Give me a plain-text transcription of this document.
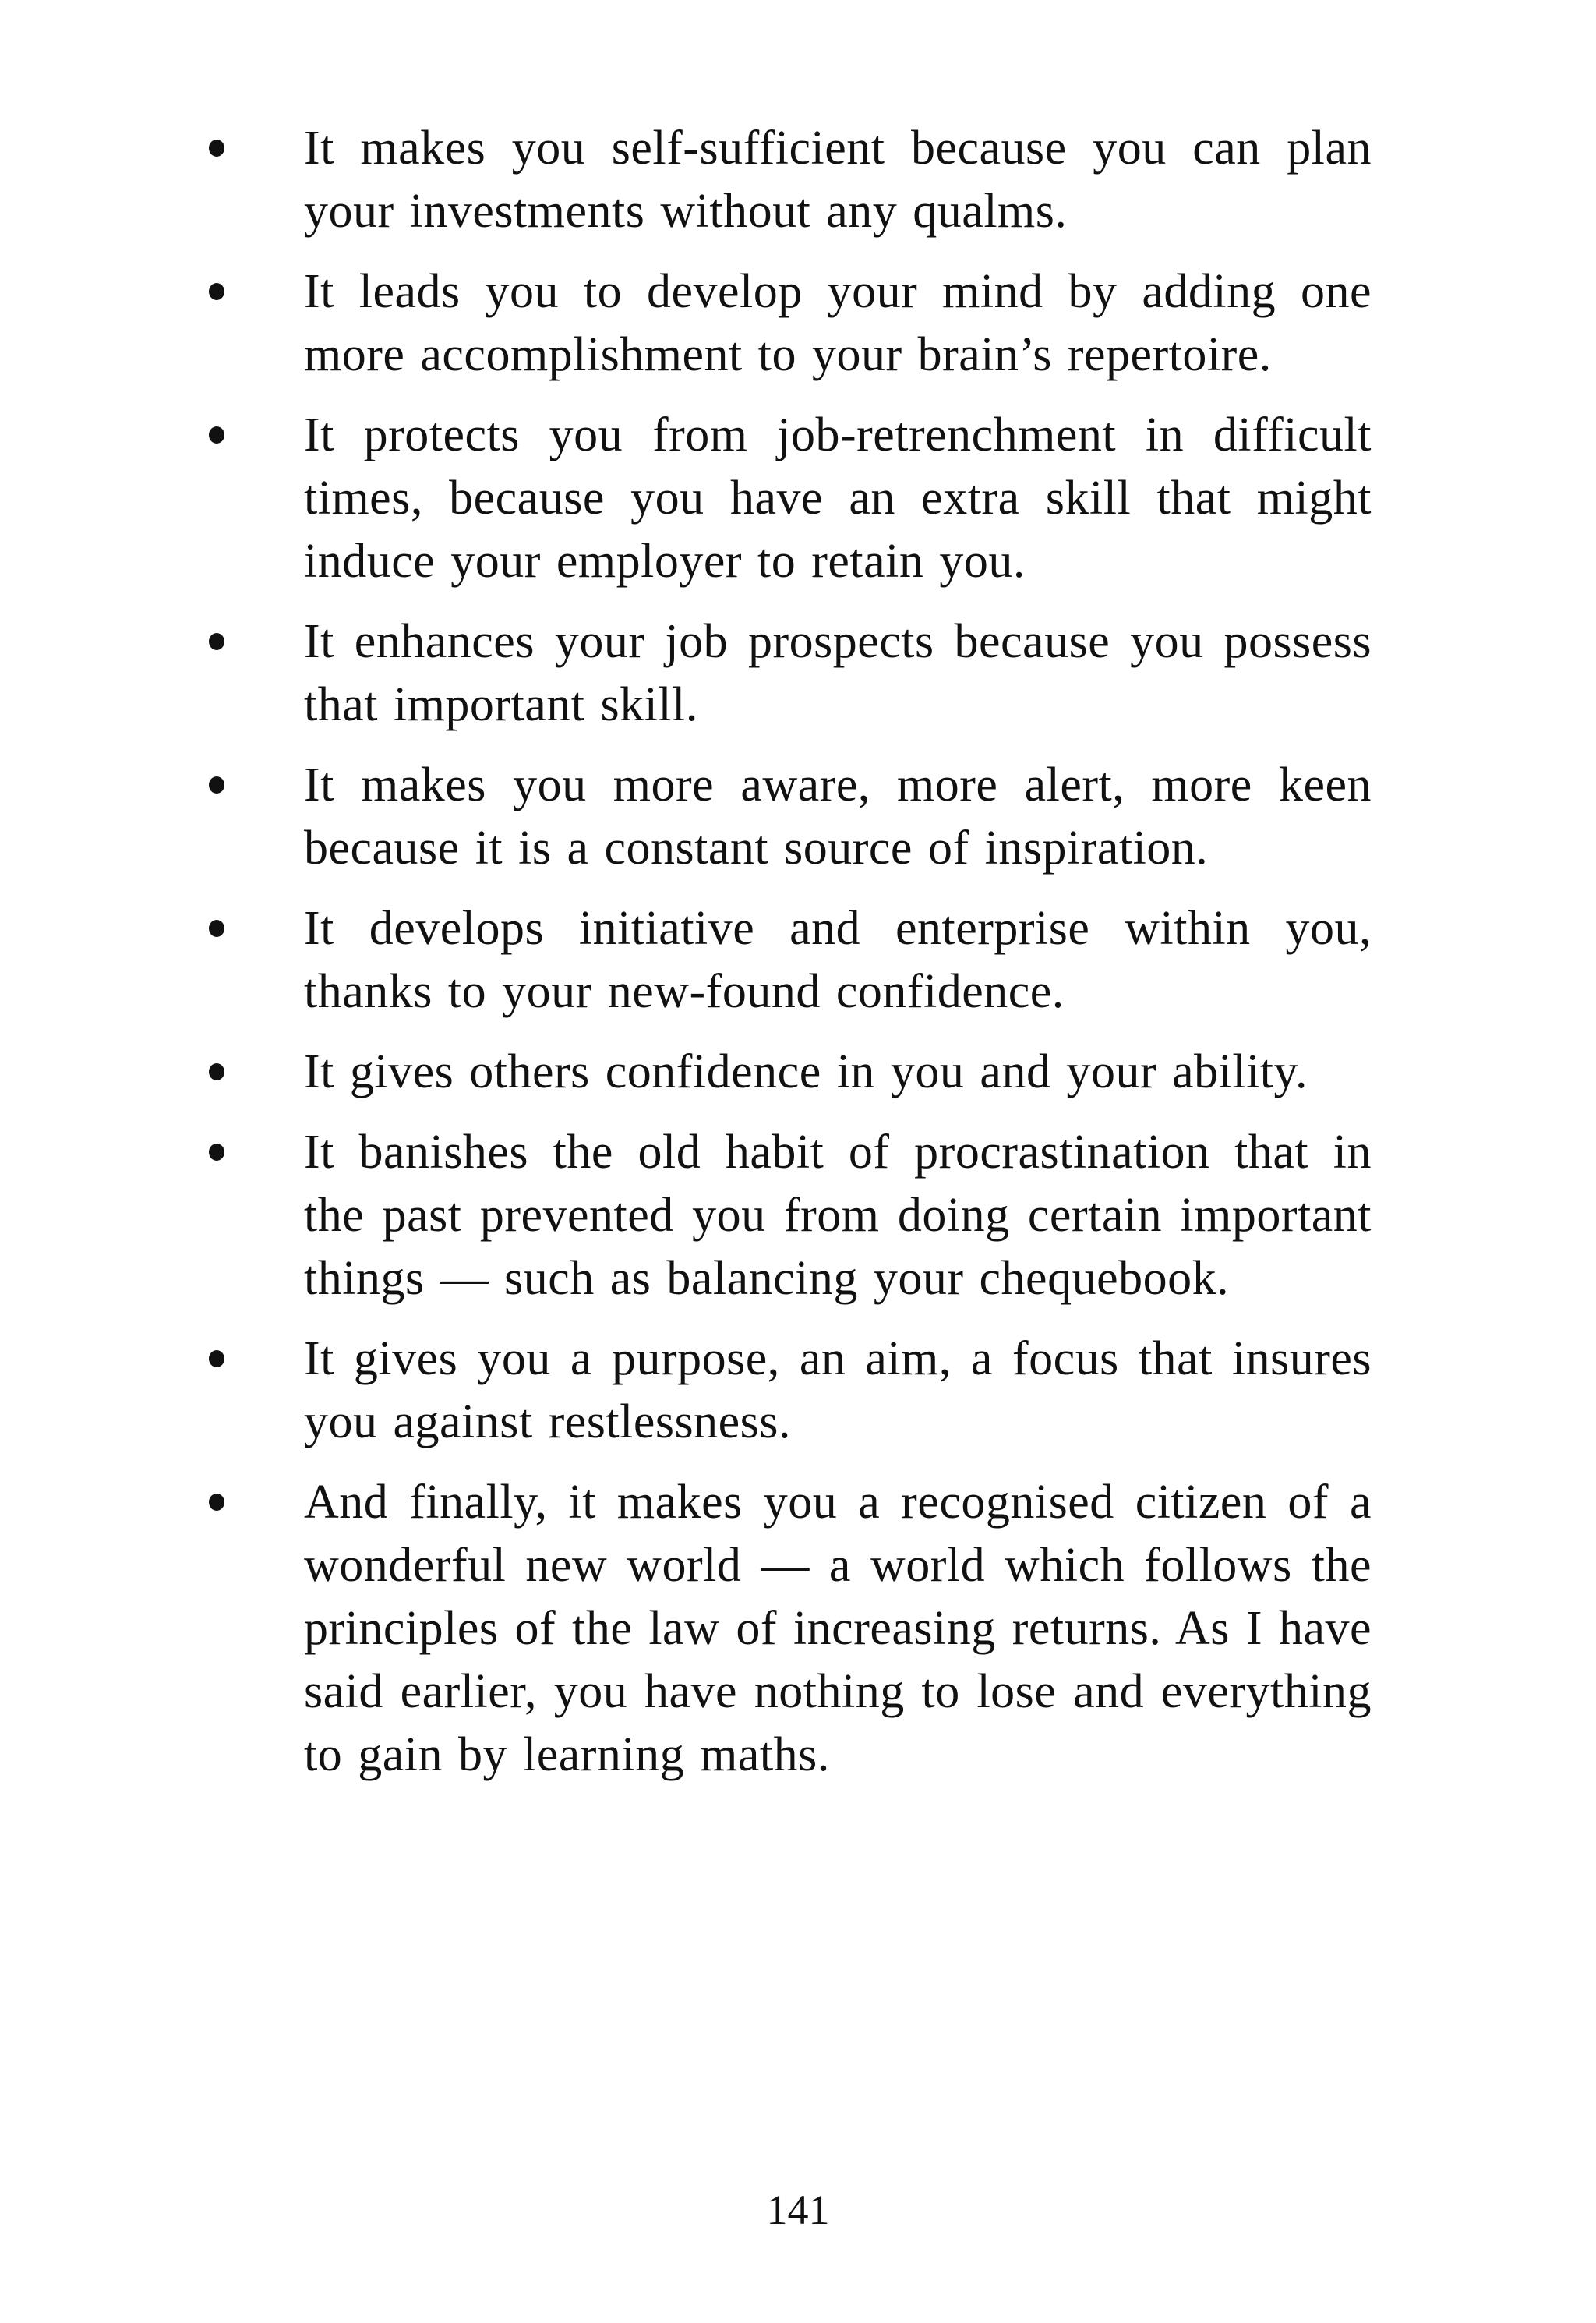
It makes you self-sufficient because you can plan your investments without any qualms.
It leads you to develop your mind by adding one more accomplishment to your brain’s repertoire.
It protects you from job-retrenchment in difficult times, because you have an extra skill that might induce your employer to retain you.
It enhances your job prospects because you possess that important skill.
It makes you more aware, more alert, more keen because it is a constant source of inspiration.
It develops initiative and enterprise within you, thanks to your new-found confidence.
It gives others confidence in you and your ability.
It banishes the old habit of procrastination that in the past prevented you from doing certain important things — such as balancing your chequebook.
It gives you a purpose, an aim, a focus that insures you against restlessness.
And finally, it makes you a recognised citizen of a wonderful new world — a world which follows the principles of the law of increasing returns. As I have said earlier, you have nothing to lose and everything to gain by learning maths.
141
